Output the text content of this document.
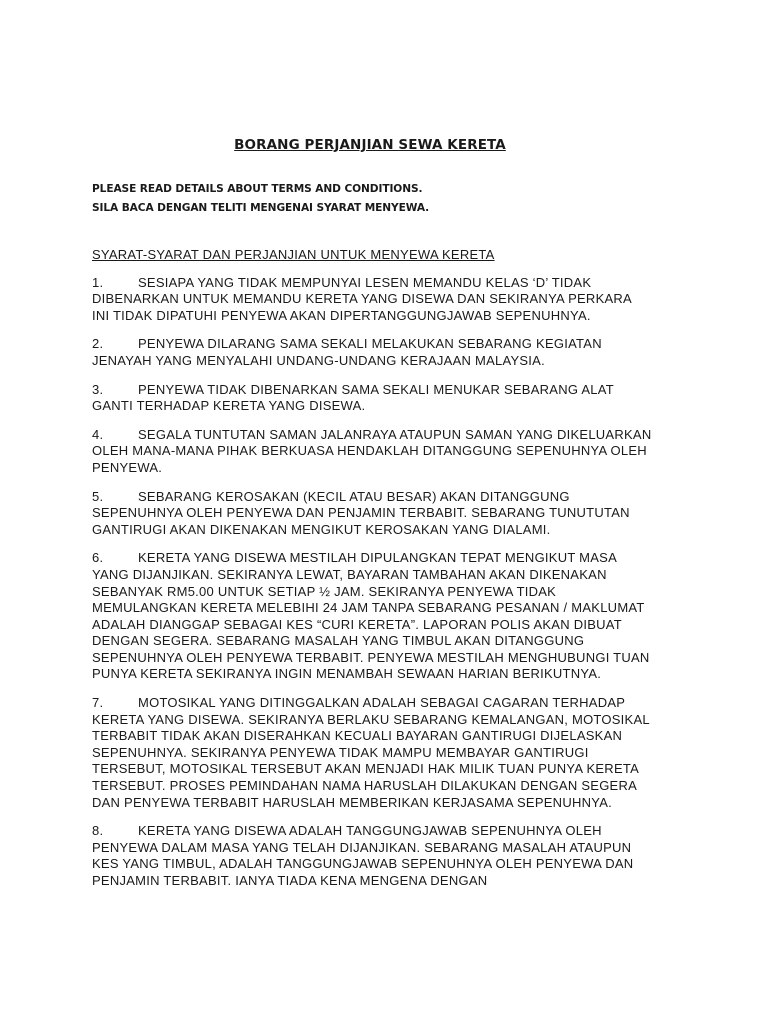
BORANG PERJANJIAN SEWA KERETA
PLEASE READ DETAILS ABOUT TERMS AND CONDITIONS.
SILA BACA DENGAN TELITI MENGENAI SYARAT MENYEWA.
SYARAT-SYARAT DAN PERJANJIAN UNTUK MENYEWA KERETA
1.	SESIAPA YANG TIDAK MEMPUNYAI LESEN MEMANDU KELAS ‘D’ TIDAK DIBENARKAN UNTUK MEMANDU KERETA YANG DISEWA DAN SEKIRANYA PERKARA INI TIDAK DIPATUHI PENYEWA AKAN DIPERTANGGUNGJAWAB SEPENUHNYA.
2.	PENYEWA DILARANG SAMA SEKALI MELAKUKAN SEBARANG KEGIATAN JENAYAH YANG MENYALAHI UNDANG-UNDANG KERAJAAN MALAYSIA.
3.	PENYEWA TIDAK DIBENARKAN SAMA SEKALI MENUKAR SEBARANG ALAT GANTI TERHADAP KERETA YANG DISEWA.
4.	SEGALA TUNTUTAN SAMAN JALANRAYA ATAUPUN SAMAN YANG DIKELUARKAN OLEH MANA-MANA PIHAK BERKUASA HENDAKLAH DITANGGUNG SEPENUHNYA OLEH PENYEWA.
5.	SEBARANG KEROSAKAN (KECIL ATAU BESAR) AKAN DITANGGUNG SEPENUHNYA OLEH PENYEWA DAN PENJAMIN TERBABIT. SEBARANG TUNUTUTAN GANTIRUGI AKAN DIKENAKAN MENGIKUT KEROSAKAN YANG DIALAMI.
6.	KERETA YANG DISEWA MESTILAH DIPULANGKAN TEPAT MENGIKUT MASA YANG DIJANJIKAN. SEKIRANYA LEWAT, BAYARAN TAMBAHAN AKAN DIKENAKAN SEBANYAK RM5.00 UNTUK SETIAP ½ JAM. SEKIRANYA PENYEWA TIDAK MEMULANGKAN KERETA MELEBIHI 24 JAM TANPA SEBARANG PESANAN / MAKLUMAT ADALAH DIANGGAP SEBAGAI KES “CURI KERETA”. LAPORAN POLIS AKAN DIBUAT DENGAN SEGERA. SEBARANG MASALAH YANG TIMBUL AKAN DITANGGUNG SEPENUHNYA OLEH PENYEWA TERBABIT. PENYEWA MESTILAH MENGHUBUNGI TUAN PUNYA KERETA SEKIRANYA INGIN MENAMBAH SEWAAN HARIAN BERIKUTNYA.
7.	MOTOSIKAL YANG DITINGGALKAN ADALAH SEBAGAI CAGARAN TERHADAP KERETA YANG DISEWA. SEKIRANYA BERLAKU SEBARANG KEMALANGAN, MOTOSIKAL TERBABIT TIDAK AKAN DISERAHKAN KECUALI BAYARAN GANTIRUGI DIJELASKAN SEPENUHNYA. SEKIRANYA PENYEWA TIDAK MAMPU MEMBAYAR GANTIRUGI TERSEBUT, MOTOSIKAL TERSEBUT AKAN MENJADI HAK MILIK TUAN PUNYA KERETA TERSEBUT. PROSES PEMINDAHAN NAMA HARUSLAH DILAKUKAN DENGAN SEGERA DAN PENYEWA TERBABIT HARUSLAH MEMBERIKAN KERJASAMA SEPENUHNYA.
8.	KERETA YANG DISEWA ADALAH TANGGUNGJAWAB SEPENUHNYA OLEH PENYEWA DALAM MASA YANG TELAH DIJANJIKAN. SEBARANG MASALAH ATAUPUN KES YANG TIMBUL, ADALAH TANGGUNGJAWAB SEPENUHNYA OLEH PENYEWA DAN PENJAMIN TERBABIT. IANYA TIADA KENA MENGENA DENGAN
